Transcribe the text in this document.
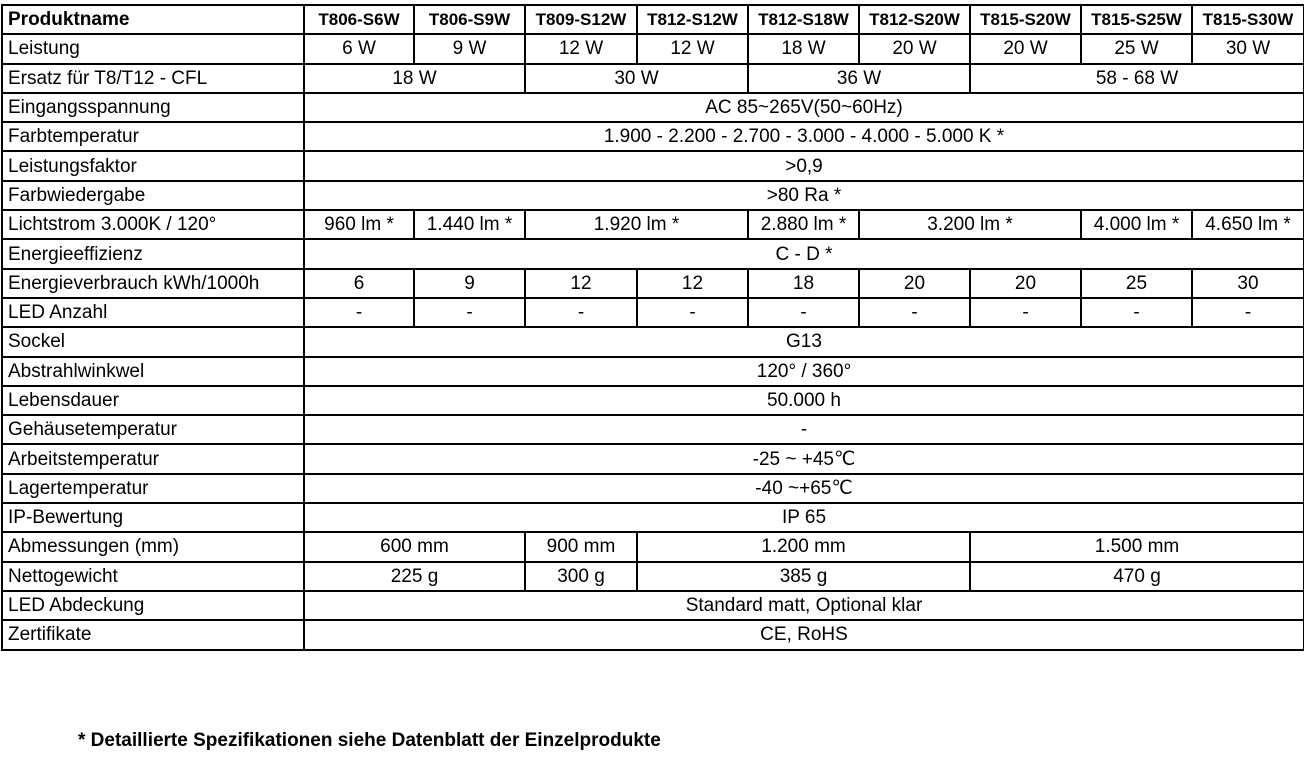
Produktname	T806-S6W	T806-S9W	T809-S12W	T812-S12W	T812-S18W	T812-S20W	T815-S20W	T815-S25W	T815-S30W
Leistung	6 W	9 W	12 W	12 W	18 W	20 W	20 W	25 W	30 W
Ersatz für T8/T12 - CFL	18 W		30 W		36 W		58 - 68 W		
Eingangsspannung	AC 85~265V(50~60Hz)								
Farbtemperatur	1.900 - 2.200 - 2.700 - 3.000 - 4.000 - 5.000 K *								
Leistungsfaktor	>0,9								
Farbwiedergabe	>80 Ra *								
Lichtstrom 3.000K / 120°	960 lm *	1.440 lm *	1.920 lm *		2.880 lm *	3.200 lm *		4.000 lm *	4.650 lm *
Energieeffizienz	C - D *								
Energieverbrauch kWh/1000h	6	9	12	12	18	20	20	25	30
LED Anzahl	-	-	-	-	-	-	-	-	-
Sockel	G13								
Abstrahlwinkwel	120° / 360°								
Lebensdauer	50.000 h								
Gehäusetemperatur	-								
Arbeitstemperatur	-25 ~ +45℃								
Lagertemperatur	-40 ~+65℃								
IP-Bewertung	IP 65								
Abmessungen (mm)	600 mm		900 mm	1.200 mm			1.500 mm		
Nettogewicht	225 g		300 g	385 g			470 g		
LED Abdeckung	Standard matt, Optional klar								
Zertifikate	CE, RoHS								
* Detaillierte Spezifikationen siehe Datenblatt der Einzelprodukte
